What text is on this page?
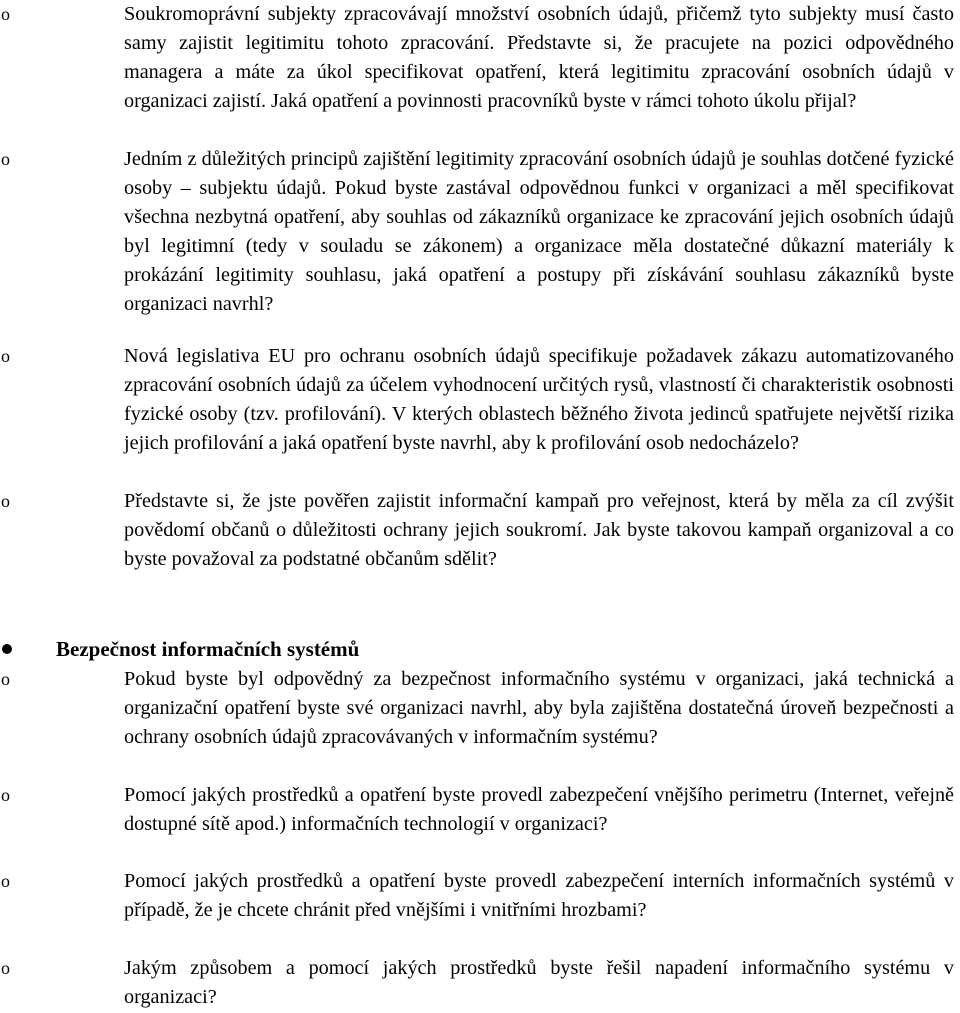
o	Soukromoprávní subjekty zpracovávají množství osobních údajů, přičemž tyto subjekty musí často samy zajistit legitimitu tohoto zpracování. Představte si, že pracujete na pozici odpovědného managera a máte za úkol specifikovat opatření, která legitimitu zpracování osobních údajů v organizaci zajistí. Jaká opatření a povinnosti pracovníků byste v rámci tohoto úkolu přijal?
o	Jedním z důležitých principů zajištění legitimity zpracování osobních údajů je souhlas dotčené fyzické osoby – subjektu údajů. Pokud byste zastával odpovědnou funkci v organizaci a měl specifikovat všechna nezbytná opatření, aby souhlas od zákazníků organizace ke zpracování jejich osobních údajů byl legitimní (tedy v souladu se zákonem) a organizace měla dostatečné důkazní materiály k prokázání legitimity souhlasu, jaká opatření a postupy při získávání souhlasu zákazníků byste organizaci navrhl?
o	Nová legislativa EU pro ochranu osobních údajů specifikuje požadavek zákazu automatizovaného zpracování osobních údajů za účelem vyhodnocení určitých rysů, vlastností či charakteristik osobnosti fyzické osoby (tzv. profilování). V kterých oblastech běžného života jedinců spatřujete největší rizika jejich profilování a jaká opatření byste navrhl, aby k profilování osob nedocházelo?
o	Představte si, že jste pověřen zajistit informační kampaň pro veřejnost, která by měla za cíl zvýšit povědomí občanů o důležitosti ochrany jejich soukromí. Jak byste takovou kampaň organizoval a co byste považoval za podstatné občanům sdělit?
Bezpečnost informačních systémů
o	Pokud byste byl odpovědný za bezpečnost informačního systému v organizaci, jaká technická a organizační opatření byste své organizaci navrhl, aby byla zajištěna dostatečná úroveň bezpečnosti a ochrany osobních údajů zpracovávaných v informačním systému?
o	Pomocí jakých prostředků a opatření byste provedl zabezpečení vnějšího perimetru (Internet, veřejně dostupné sítě apod.) informačních technologií v organizaci?
o	Pomocí jakých prostředků a opatření byste provedl zabezpečení interních informačních systémů v případě, že je chcete chránit před vnějšími i vnitřními hrozbami?
o	Jakým způsobem a pomocí jakých prostředků byste řešil napadení informačního systému v organizaci?
